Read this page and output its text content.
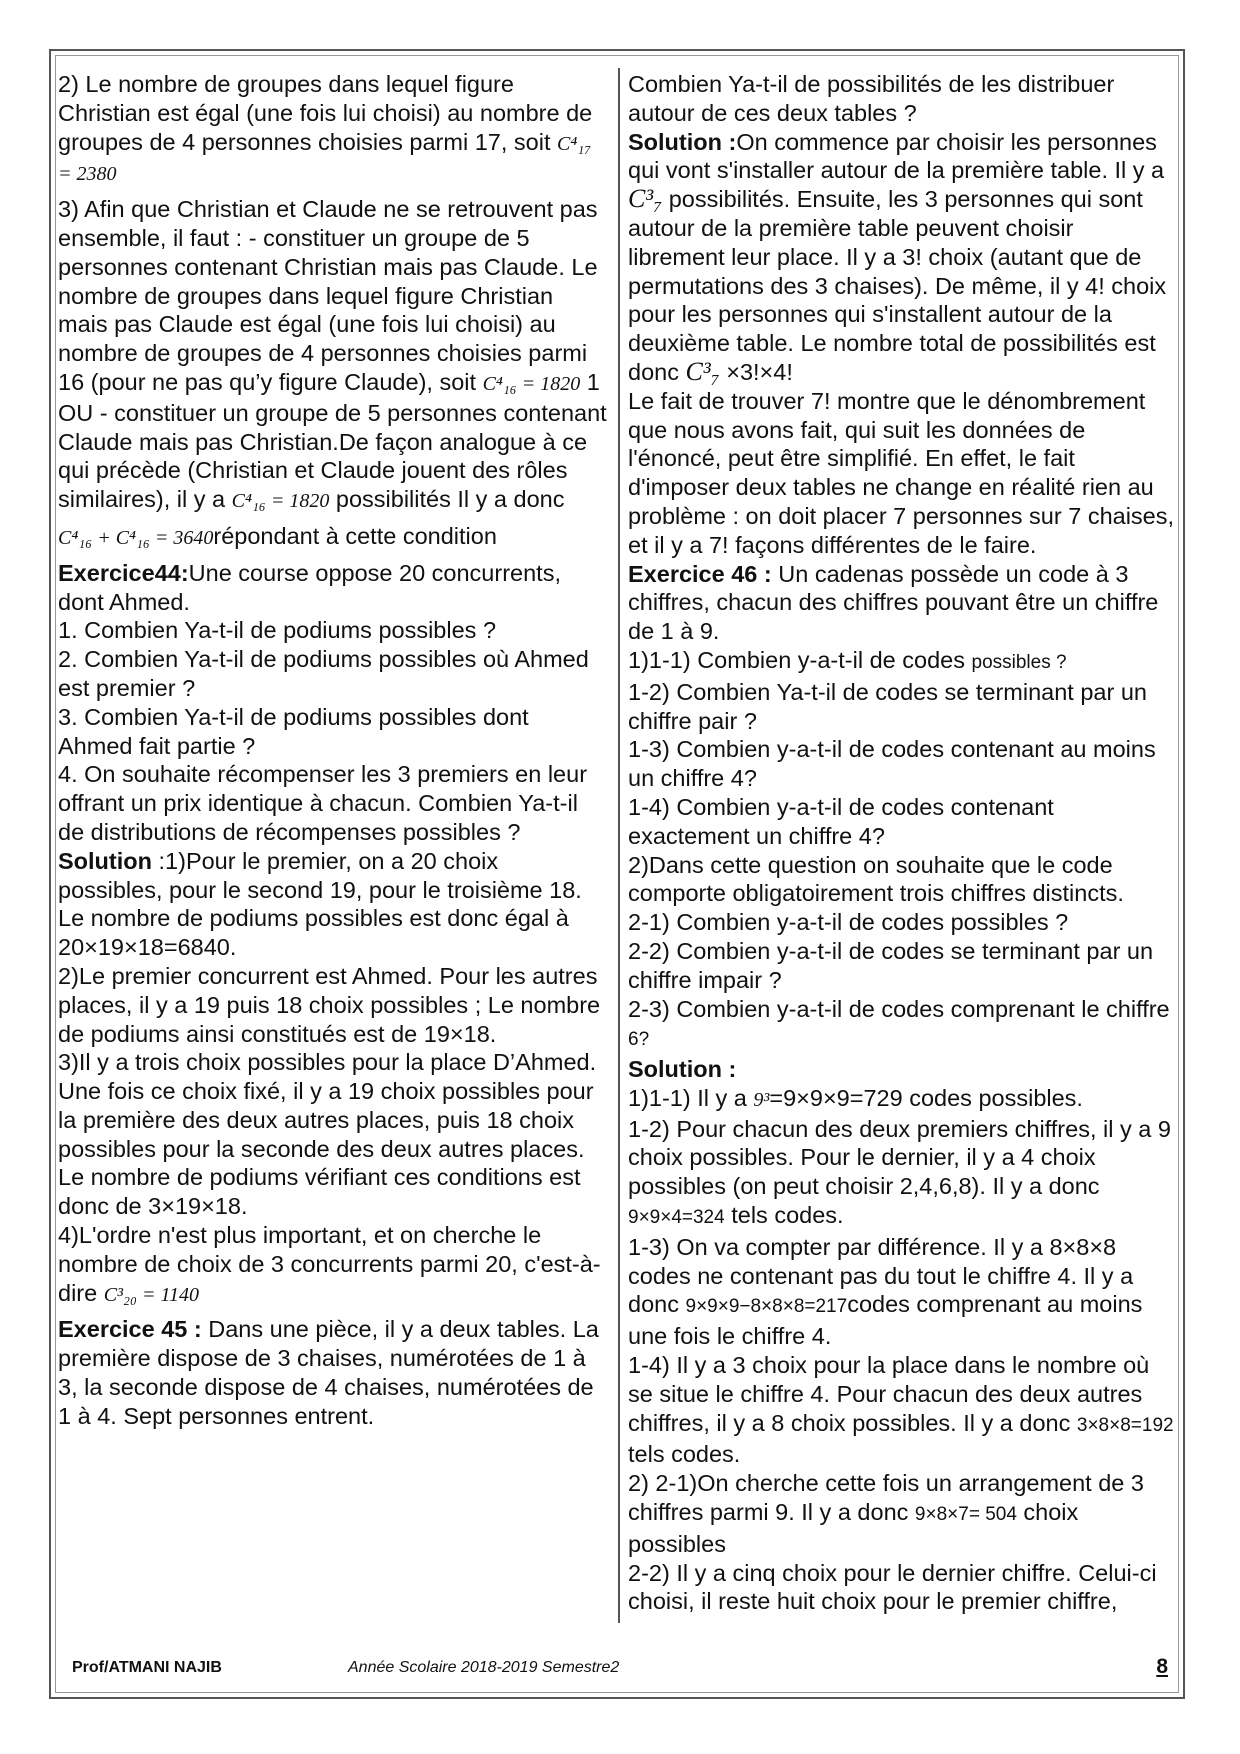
2) Le nombre de groupes dans lequel figure Christian est égal (une fois lui choisi) au nombre de groupes de 4 personnes choisies parmi 17, soit C⁴₁₇ = 2380

3) Afin que Christian et Claude ne se retrouvent pas ensemble, il faut : - constituer un groupe de 5 personnes contenant Christian mais pas Claude. Le nombre de groupes dans lequel figure Christian mais pas Claude est égal (une fois lui choisi) au nombre de groupes de 4 personnes choisies parmi 16 (pour ne pas qu’y figure Claude), soit C⁴₁₆ = 1820 1 OU - constituer un groupe de 5 personnes contenant Claude mais pas Christian.De façon analogue à ce qui précède (Christian et Claude jouent des rôles similaires), il y a C⁴₁₆ = 1820 possibilités Il y a donc

C⁴₁₆ + C⁴₁₆ = 3640répondant à cette condition

Exercice44:Une course oppose 20 concurrents, dont Ahmed.

1. Combien Ya-t-il de podiums possibles ?

2. Combien Ya-t-il de podiums possibles où Ahmed est premier ?

3. Combien Ya-t-il de podiums possibles dont Ahmed fait partie ?

4. On souhaite récompenser les 3 premiers en leur offrant un prix identique à chacun. Combien Ya-t-il de distributions de récompenses possibles ?

Solution :1)Pour le premier, on a 20 choix possibles, pour le second 19, pour le troisième 18. Le nombre de podiums possibles est donc égal à 20×19×18=6840.

2)Le premier concurrent est Ahmed. Pour les autres places, il y a 19 puis 18 choix possibles ; Le nombre de podiums ainsi constitués est de 19×18.

3)Il y a trois choix possibles pour la place D’Ahmed. Une fois ce choix fixé, il y a 19 choix possibles pour la première des deux autres places, puis 18 choix possibles pour la seconde des deux autres places. Le nombre de podiums vérifiant ces conditions est donc de 3×19×18.

4)L'ordre n'est plus important, et on cherche le nombre de choix de 3 concurrents parmi 20, c'est-à-dire C³₂₀ = 1140

Exercice 45 : Dans une pièce, il y a deux tables. La première dispose de 3 chaises, numérotées de 1 à 3, la seconde dispose de 4 chaises, numérotées de 1 à 4. Sept personnes entrent.

Combien Ya-t-il de possibilités de les distribuer autour de ces deux tables ?

Solution :On commence par choisir les personnes qui vont s'installer autour de la première table. Il y a C³₇ possibilités. Ensuite, les 3 personnes qui sont autour de la première table peuvent choisir librement leur place. Il y a 3! choix (autant que de permutations des 3 chaises). De même, il y 4! choix pour les personnes qui s'installent autour de la deuxième table. Le nombre total de possibilités est donc C³₇ ×3!×4!

Le fait de trouver 7! montre que le dénombrement que nous avons fait, qui suit les données de l'énoncé, peut être simplifié. En effet, le fait d'imposer deux tables ne change en réalité rien au problème : on doit placer 7 personnes sur 7 chaises, et il y a 7! façons différentes de le faire.

Exercice 46 : Un cadenas possède un code à 3 chiffres, chacun des chiffres pouvant être un chiffre de 1 à 9.

1)1-1) Combien y-a-t-il de codes possibles ?

1-2) Combien Ya-t-il de codes se terminant par un chiffre pair ?

1-3) Combien y-a-t-il de codes contenant au moins un chiffre 4?

1-4) Combien y-a-t-il de codes contenant exactement un chiffre 4?

2)Dans cette question on souhaite que le code comporte obligatoirement trois chiffres distincts.

2-1) Combien y-a-t-il de codes possibles ?

2-2) Combien y-a-t-il de codes se terminant par un chiffre impair ?

2-3) Combien y-a-t-il de codes comprenant le chiffre 6?

Solution :

1)1-1) Il y a 9³=9×9×9=729 codes possibles.

1-2) Pour chacun des deux premiers chiffres, il y a 9 choix possibles. Pour le dernier, il y a 4 choix possibles (on peut choisir 2,4,6,8). Il y a donc 9×9×4=324 tels codes.

1-3) On va compter par différence. Il y a 8×8×8 codes ne contenant pas du tout le chiffre 4. Il y a donc 9×9×9−8×8×8=217codes comprenant au moins une fois le chiffre 4.

1-4) Il y a 3 choix pour la place dans le nombre où se situe le chiffre 4. Pour chacun des deux autres chiffres, il y a 8 choix possibles. Il y a donc 3×8×8=192 tels codes.

2) 2-1)On cherche cette fois un arrangement de 3 chiffres parmi 9. Il y a donc 9×8×7= 504 choix possibles

2-2) Il y a cinq choix pour le dernier chiffre. Celui-ci choisi, il reste huit choix pour le premier chiffre,

Prof/ATMANI NAJIB	Année Scolaire 2018-2019 Semestre2	8
